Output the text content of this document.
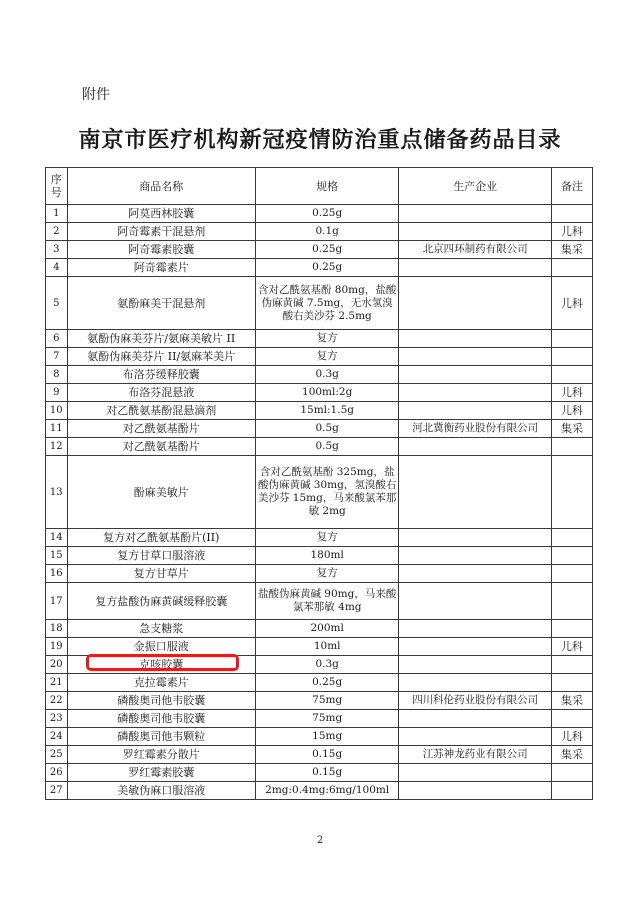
附件
南京市医疗机构新冠疫情防治重点储备药品目录
序
号	商品名称	规格	生产企业	备注
1	阿莫西林胶囊	0.25g		
2	阿奇霉素干混悬剂	0.1g		儿科
3	阿奇霉素胶囊	0.25g	北京四环制药有限公司	集采
4	阿奇霉素片	0.25g		
5	氨酚麻美干混悬剂	含对乙酰氨基酚 80mg，盐酸伪麻黄碱 7.5mg，无水氢溴酸右美沙芬 2.5mg		儿科
6	氨酚伪麻美芬片/氨麻美敏片 II	复方		
7	氨酚伪麻美芬片 II/氨麻苯美片	复方		
8	布洛芬缓释胶囊	0.3g		
9	布洛芬混悬液	100ml:2g		儿科
10	对乙酰氨基酚混悬滴剂	15ml:1.5g		儿科
11	对乙酰氨基酚片	0.5g	河北冀衡药业股份有限公司	集采
12	对乙酰氨基酚片	0.5g		
13	酚麻美敏片	含对乙酰氨基酚 325mg，盐酸伪麻黄碱 30mg，氢溴酸右美沙芬 15mg，马来酸氯苯那敏 2mg		
14	复方对乙酰氨基酚片(II)	复方		
15	复方甘草口服溶液	180ml		
16	复方甘草片	复方		
17	复方盐酸伪麻黄碱缓释胶囊	盐酸伪麻黄碱 90mg，马来酸氯苯那敏 4mg		
18	急支糖浆	200ml		
19	金振口服液	10ml		儿科
20	克咳胶囊	0.3g		
21	克拉霉素片	0.25g		
22	磷酸奥司他韦胶囊	75mg	四川科伦药业股份有限公司	集采
23	磷酸奥司他韦胶囊	75mg		
24	磷酸奥司他韦颗粒	15mg		儿科
25	罗红霉素分散片	0.15g	江苏神龙药业有限公司	集采
26	罗红霉素胶囊	0.15g		
27	美敏伪麻口服溶液	2mg:0.4mg:6mg/100ml		
2
